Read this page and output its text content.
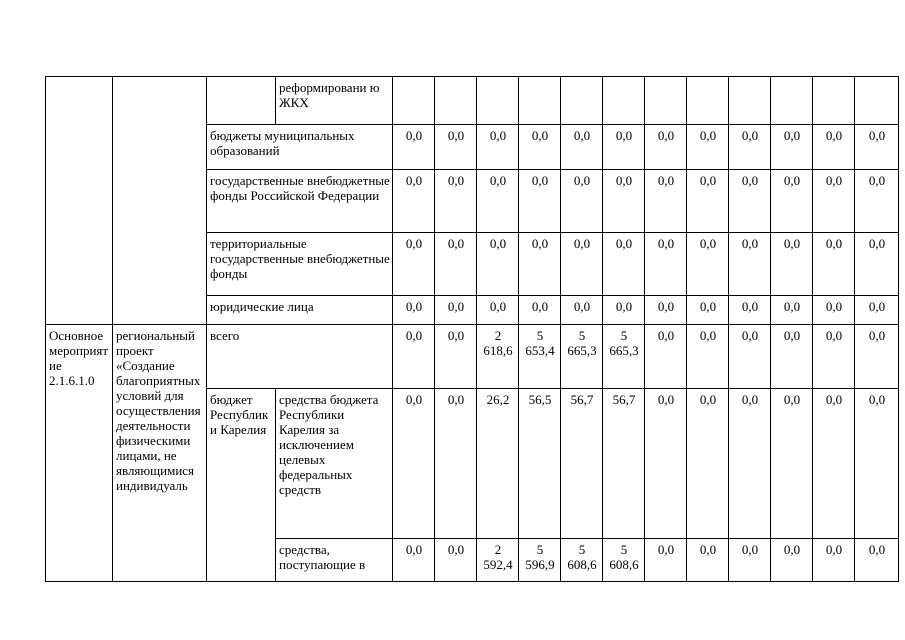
			реформировани ю ЖКХ												
		бюджеты муниципальных образований		0,0	0,0	0,0	0,0	0,0	0,0	0,0	0,0	0,0	0,0	0,0	0,0
		государственные внебюджетные фонды Российской Федерации		0,0	0,0	0,0	0,0	0,0	0,0	0,0	0,0	0,0	0,0	0,0	0,0
		территориальные государственные внебюджетные фонды		0,0	0,0	0,0	0,0	0,0	0,0	0,0	0,0	0,0	0,0	0,0	0,0
		юридические лица		0,0	0,0	0,0	0,0	0,0	0,0	0,0	0,0	0,0	0,0	0,0	0,0
Основное мероприятие 2.1.6.1.0	региональный проект «Создание благоприятных условий для осуществления деятельности физическими лицами, не являющимися индивидуаль	всего		0,0	0,0	2 618,6	5 653,4	5 665,3	5 665,3	0,0	0,0	0,0	0,0	0,0	0,0
		бюджет Республики Карелия	средства бюджета Республики Карелия за исключением целевых федеральных средств	0,0	0,0	26,2	56,5	56,7	56,7	0,0	0,0	0,0	0,0	0,0	0,0
			средства, поступающие в	0,0	0,0	2 592,4	5 596,9	5 608,6	5 608,6	0,0	0,0	0,0	0,0	0,0	0,0
